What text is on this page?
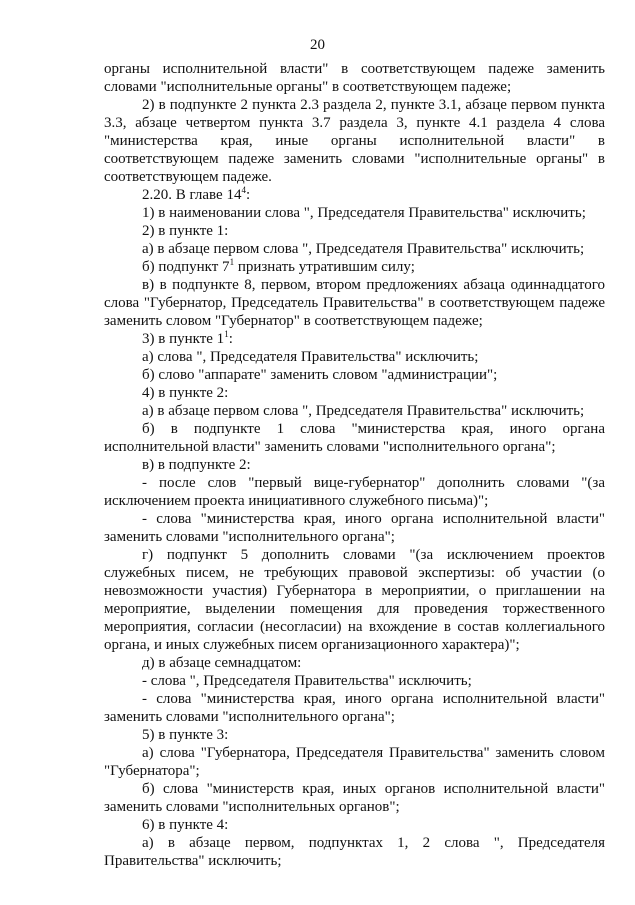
20

органы исполнительной власти" в соответствующем падеже заменить словами "исполнительные органы" в соответствующем падеже;

2) в подпункте 2 пункта 2.3 раздела 2, пункте 3.1, абзаце первом пункта 3.3, абзаце четвертом пункта 3.7 раздела 3, пункте 4.1 раздела 4 слова "министерства края, иные органы исполнительной власти" в соответствующем падеже заменить словами "исполнительные органы" в соответствующем падеже.

2.20. В главе $14^4$:

1) в наименовании слова ", Председателя Правительства" исключить;

2) в пункте 1:

а) в абзаце первом слова ", Председателя Правительства" исключить;

б) подпункт $7^1$ признать утратившим силу;

в) в подпункте 8, первом, втором предложениях абзаца одиннадцатого слова "Губернатор, Председатель Правительства" в соответствующем падеже заменить словом "Губернатор" в соответствующем падеже;

3) в пункте $1^1$:

а) слова ", Председателя Правительства" исключить;

б) слово "аппарате" заменить словом "администрации";

4) в пункте 2:

а) в абзаце первом слова ", Председателя Правительства" исключить;

б) в подпункте 1 слова "министерства края, иного органа исполнительной власти" заменить словами "исполнительного органа";

в) в подпункте 2:

- после слов "первый вице-губернатор" дополнить словами "(за исключением проекта инициативного служебного письма)";

- слова "министерства края, иного органа исполнительной власти" заменить словами "исполнительного органа";

г) подпункт 5 дополнить словами "(за исключением проектов служебных писем, не требующих правовой экспертизы: об участии (о невозможности участия) Губернатора в мероприятии, о приглашении на мероприятие, выделении помещения для проведения торжественного мероприятия, согласии (несогласии) на вхождение в состав коллегиального органа, и иных служебных писем организационного характера)";

д) в абзаце семнадцатом:

- слова ", Председателя Правительства" исключить;

- слова "министерства края, иного органа исполнительной власти" заменить словами "исполнительного органа";

5) в пункте 3:

а) слова "Губернатора, Председателя Правительства" заменить словом "Губернатора";

б) слова "министерств края, иных органов исполнительной власти" заменить словами "исполнительных органов";

6) в пункте 4:

а) в абзаце первом, подпунктах 1, 2 слова ", Председателя Правительства" исключить;
